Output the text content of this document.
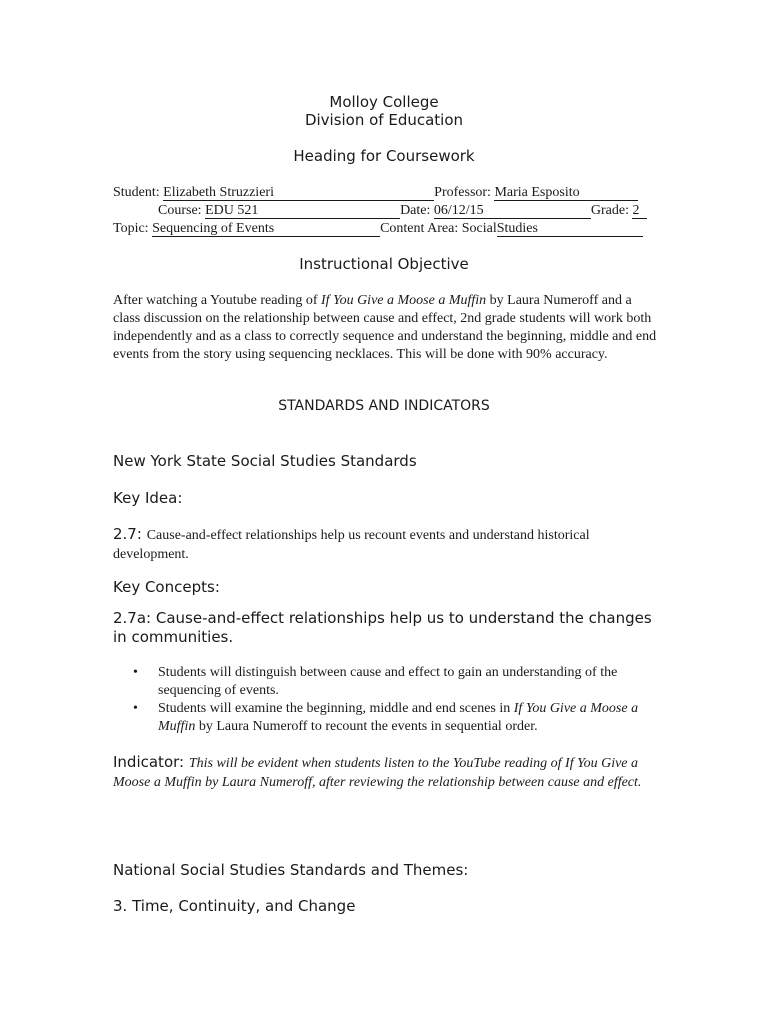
Molloy College
Division of Education
Heading for Coursework
Student: Elizabeth Struzzieri	Professor: Maria Esposito
Course: EDU 521	Date: 06/12/15	Grade: 2
Topic: Sequencing of Events	Content Area: SocialStudies
Instructional Objective
After watching a Youtube reading of If You Give a Moose a Muffin by Laura Numeroff and a class discussion on the relationship between cause and effect, 2nd grade students will work both independently and as a class to correctly sequence and understand the beginning, middle and end events from the story using sequencing necklaces. This will be done with 90% accuracy.
STANDARDS AND INDICATORS
New York State Social Studies Standards
Key Idea:
2.7: Cause-and-effect relationships help us recount events and understand historical development.
Key Concepts:
2.7a: Cause-and-effect relationships help us to understand the changes in communities.
• Students will distinguish between cause and effect to gain an understanding of the sequencing of events.
• Students will examine the beginning, middle and end scenes in If You Give a Moose a Muffin by Laura Numeroff to recount the events in sequential order.
Indicator: This will be evident when students listen to the YouTube reading of If You Give a Moose a Muffin by Laura Numeroff, after reviewing the relationship between cause and effect.
National Social Studies Standards and Themes:
3. Time, Continuity, and Change
